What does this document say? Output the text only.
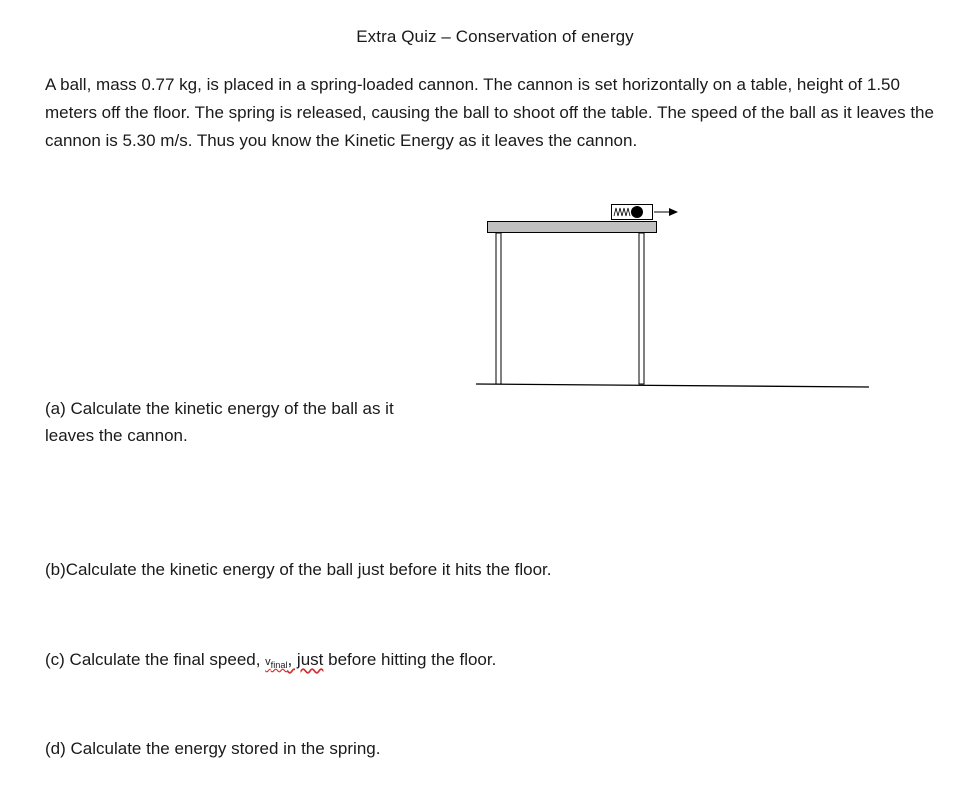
Extra Quiz – Conservation of energy

A ball, mass 0.77 kg, is placed in a spring-loaded cannon. The cannon is set horizontally on a table, height of 1.50 meters off the floor. The spring is released, causing the ball to shoot off the table. The speed of the ball as it leaves the cannon is 5.30 m/s. Thus you know the Kinetic Energy as it leaves the cannon.

(a) Calculate the kinetic energy of the ball as it leaves the cannon.

(b)Calculate the kinetic energy of the ball just before it hits the floor.

(c) Calculate the final speed, $v_{final}$, just before hitting the floor.

(d) Calculate the energy stored in the spring.
